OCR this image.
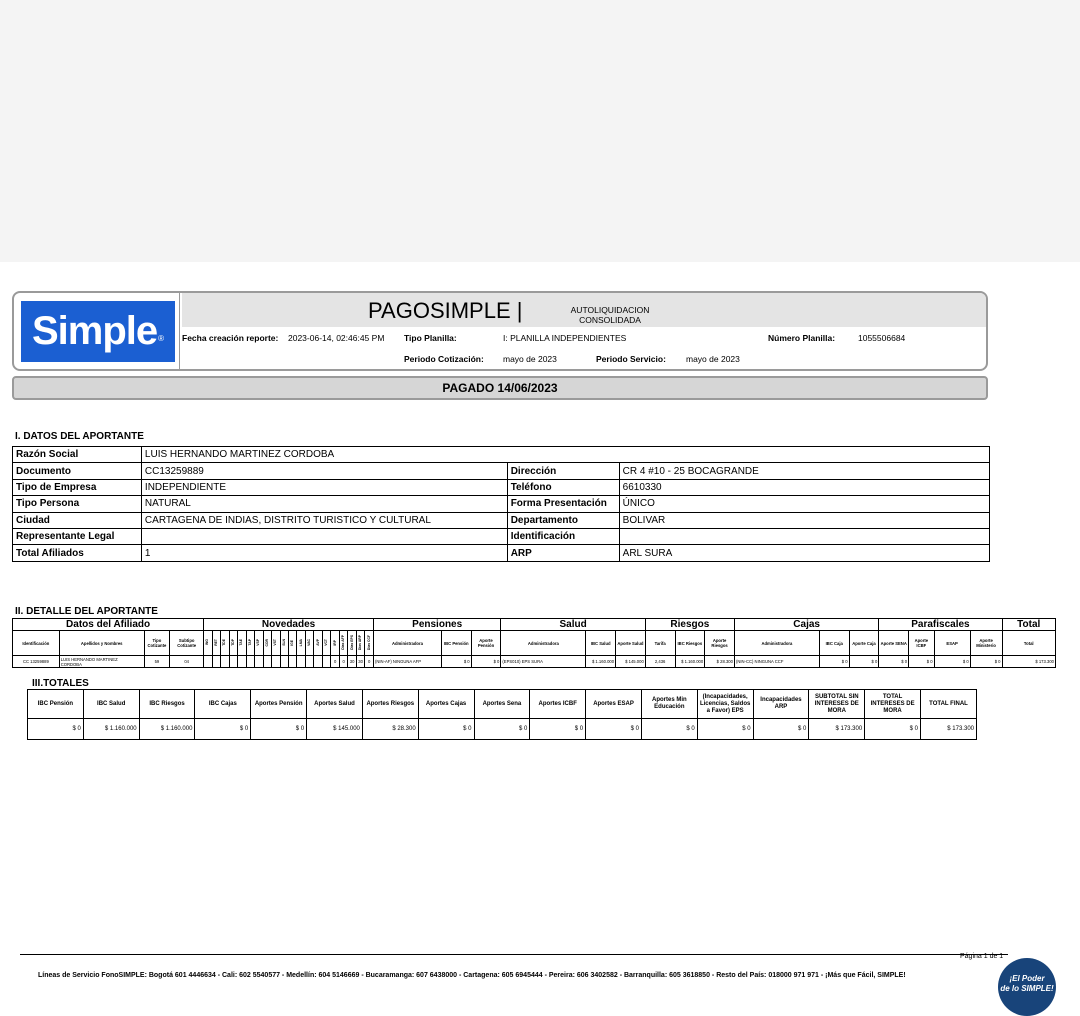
Simple ®
PAGOSIMPLE |	AUTOLIQUIDACION
CONSOLIDADA
Fecha creación reporte: 2023-06-14, 02:46:45 PM Tipo Planilla:	I: PLANILLA INDEPENDIENTES	Número Planilla:	1055506684
Periodo Cotización: mayo de 2023	Periodo Servicio: mayo de 2023
PAGADO 14/06/2023
I. DATOS DEL APORTANTE
Razón Social	LUIS HERNANDO MARTINEZ CORDOBA		
Documento	CC13259889	Dirección	CR 4 #10 - 25 BOCAGRANDE
Tipo de Empresa	INDEPENDIENTE	Teléfono	6610330
Tipo Persona	NATURAL	Forma Presentación	ÚNICO
Ciudad	CARTAGENA DE INDIAS, DISTRITO TURISTICO Y CULTURAL	Departamento	BOLIVAR
Representante Legal		Identificación	
Total Afiliados	1	ARP	ARL SURA
II. DETALLE DEL APORTANTE
Datos del Afiliado				Novedades																				Pensiones			Salud			Riesgos			Cajas			Parafiscales				Total
Identificación	Apellidos y Nombres	Tipo Cotizante	Subtipo Cotizante	ING	RET	TDE	TDP	TAE	TAP	VSP	COR	VST	SLN	IGE	LMA	VAC	AVP	VCT	IRP	Días AFP	Días EPS	Días ARP	Días CCF	Administradora	IBC Pensión	Aporte Pensión	Administradora	IBC Salud	Aporte Salud	Tarifa	IBC Riesgos	Aporte Riesgos	Administradora	IBC Caja	Aporte Caja	Aporte SENA	Aporte ICBF	ESAP	Aporte Ministerio	Total
CC 13259889	LUIS HERNANDO MARTINEZ
CORDOBA	59	04																0	0	30	30	0	(NIN-AF) NINGUNA AFP	$ 0	$ 0	(EPS010) EPS SURA	$ 1.160.000	$ 145.000	2,436	$ 1.160.000	$ 28.300	(NIN-CC) NINGUNA CCF	$ 0	$ 0	$ 0	$ 0	$ 0	$ 0	$ 173.300
III.TOTALES
IBC Pensión	IBC Salud	IBC Riesgos	IBC Cajas	Aportes Pensión	Aportes Salud	Aportes Riesgos	Aportes Cajas	Aportes Sena	Aportes ICBF	Aportes ESAP	Aportes Min Educación	(Incapacidades, Licencias, Saldos a Favor) EPS	Incapacidades ARP	SUBTOTAL SIN INTERESES DE MORA	TOTAL INTERESES DE MORA	TOTAL FINAL
$ 0	$ 1.160.000	$ 1.160.000	$ 0	$ 0	$ 145.000	$ 28.300	$ 0	$ 0	$ 0	$ 0	$ 0	$ 0	$ 0	$ 173.300	$ 0	$ 173.300
Página 1 de 1
Líneas de Servicio FonoSIMPLE: Bogotá 601 4446634 - Cali: 602 5540577 - Medellín: 604 5146669 - Bucaramanga: 607 6438000 - Cartagena: 605 6945444 - Pereira: 606 3402582 - Barranquilla: 605 3618850 - Resto del País: 018000 971 971 - ¡Más que Fácil, SIMPLE!	¡El Poder
de lo SIMPLE!
